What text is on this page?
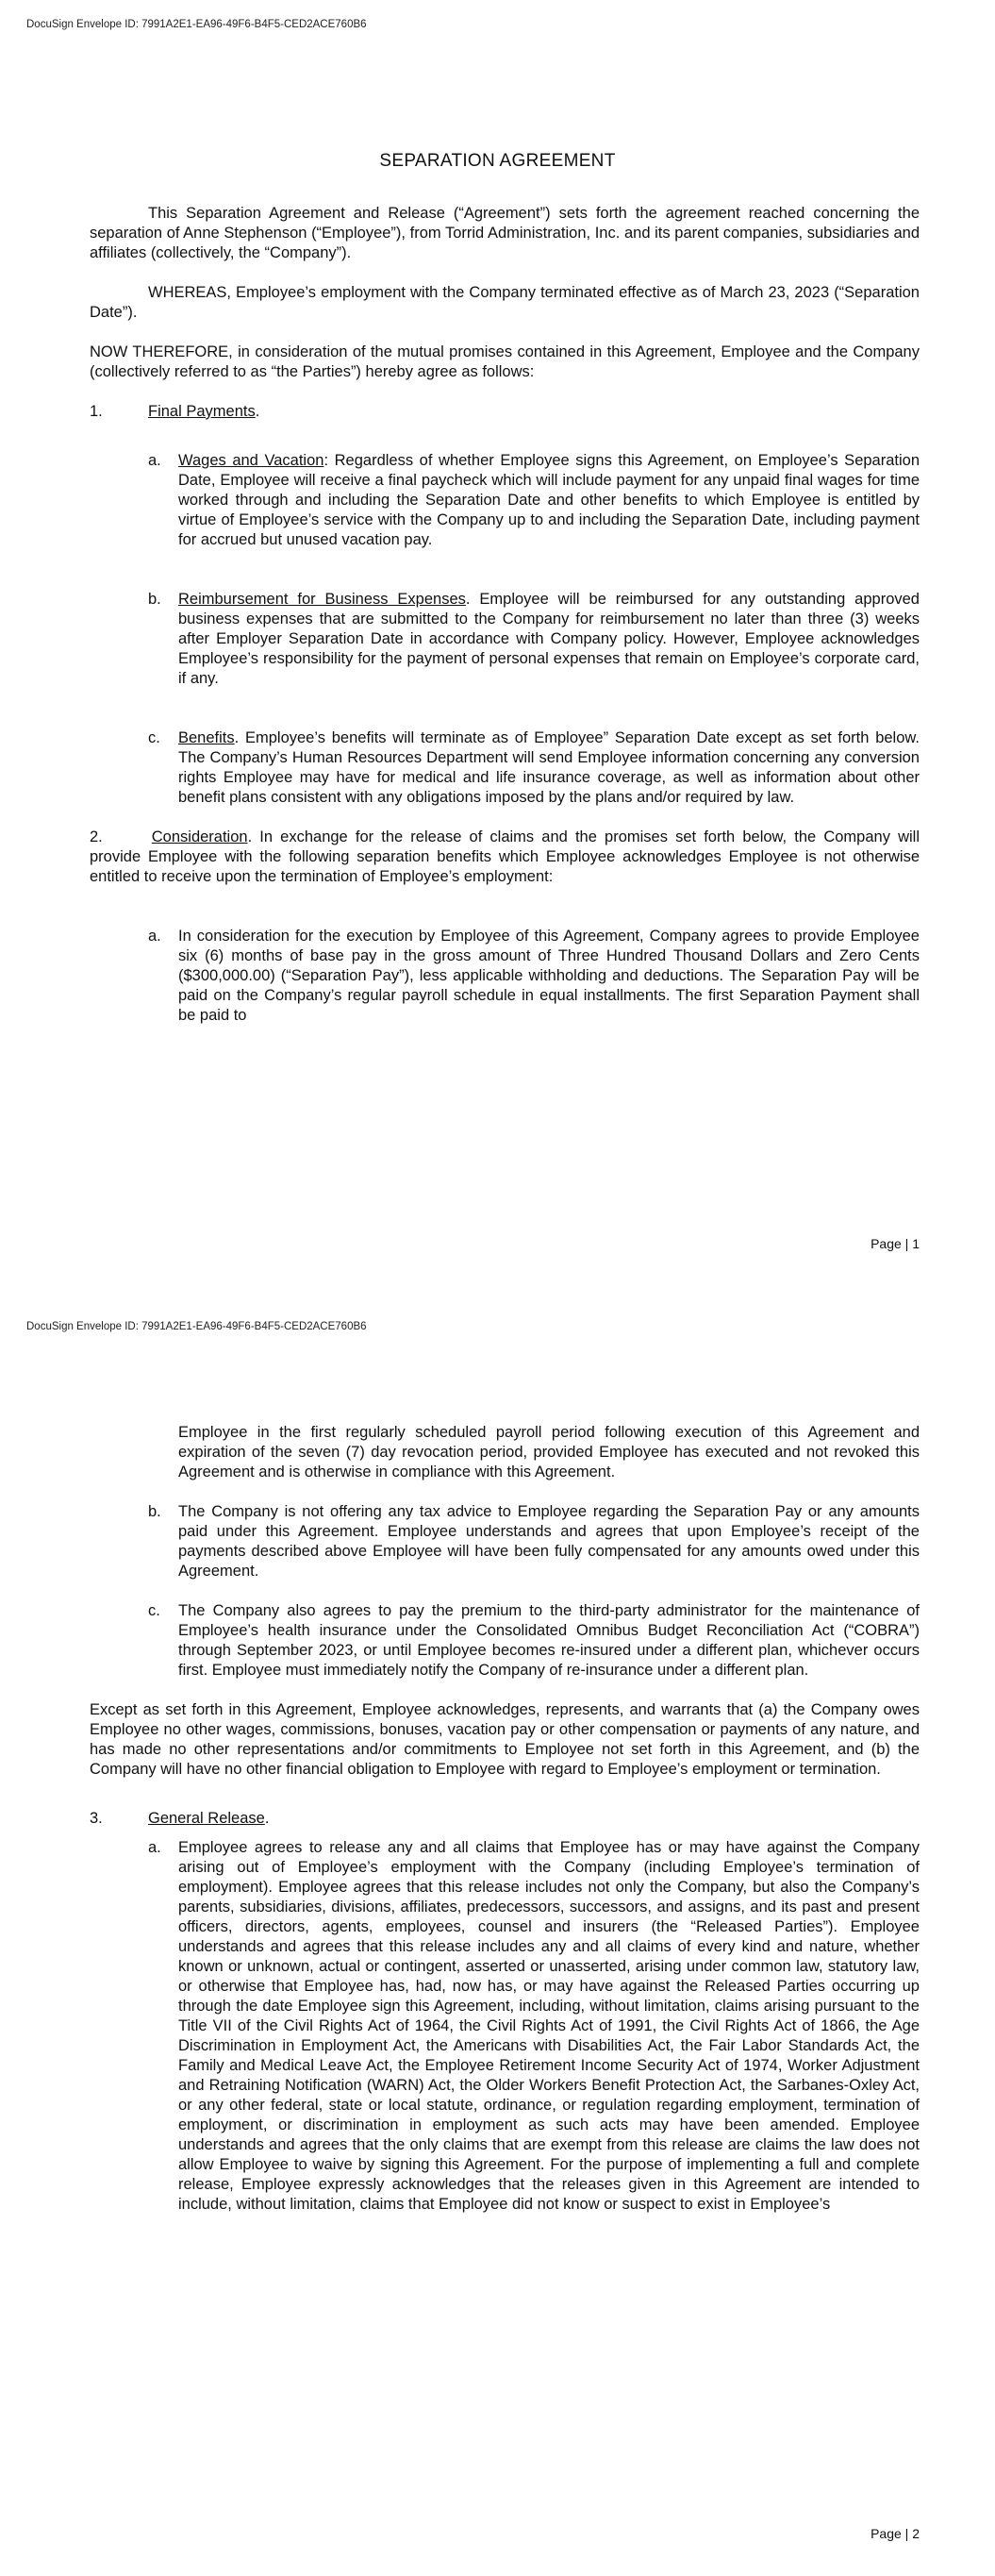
DocuSign Envelope ID: 7991A2E1-EA96-49F6-B4F5-CED2ACE760B6
SEPARATION AGREEMENT

This Separation Agreement and Release (“Agreement”) sets forth the agreement reached concerning the separation of Anne Stephenson (“Employee”), from Torrid Administration, Inc. and its parent companies, subsidiaries and affiliates (collectively, the “Company”).

WHEREAS, Employee’s employment with the Company terminated effective as of March 23, 2023 (“Separation Date”).

NOW THEREFORE, in consideration of the mutual promises contained in this Agreement, Employee and the Company (collectively referred to as “the Parties”) hereby agree as follows:

1.	Final Payments.
a.	Wages and Vacation: Regardless of whether Employee signs this Agreement, on Employee’s Separation Date, Employee will receive a final paycheck which will include payment for any unpaid final wages for time worked through and including the Separation Date and other benefits to which Employee is entitled by virtue of Employee’s service with the Company up to and including the Separation Date, including payment for accrued but unused vacation pay.
b.	Reimbursement for Business Expenses. Employee will be reimbursed for any outstanding approved business expenses that are submitted to the Company for reimbursement no later than three (3) weeks after Employer Separation Date in accordance with Company policy. However, Employee acknowledges Employee’s responsibility for the payment of personal expenses that remain on Employee’s corporate card, if any.
c.	Benefits. Employee’s benefits will terminate as of Employee” Separation Date except as set forth below. The Company’s Human Resources Department will send Employee information concerning any conversion rights Employee may have for medical and life insurance coverage, as well as information about other benefit plans consistent with any obligations imposed by the plans and/or required by law.

2.	Consideration. In exchange for the release of claims and the promises set forth below, the Company will provide Employee with the following separation benefits which Employee acknowledges Employee is not otherwise entitled to receive upon the termination of Employee’s employment:

a.	In consideration for the execution by Employee of this Agreement, Company agrees to provide Employee six (6) months of base pay in the gross amount of Three Hundred Thousand Dollars and Zero Cents ($300,000.00) (“Separation Pay”), less applicable withholding and deductions. The Separation Pay will be paid on the Company’s regular payroll schedule in equal installments. The first Separation Payment shall be paid to
Page | 1
DocuSign Envelope ID: 7991A2E1-EA96-49F6-B4F5-CED2ACE760B6
Employee in the first regularly scheduled payroll period following execution of this Agreement and expiration of the seven (7) day revocation period, provided Employee has executed and not revoked this Agreement and is otherwise in compliance with this Agreement.
b.	The Company is not offering any tax advice to Employee regarding the Separation Pay or any amounts paid under this Agreement. Employee understands and agrees that upon Employee’s receipt of the payments described above Employee will have been fully compensated for any amounts owed under this Agreement.
c.	The Company also agrees to pay the premium to the third-party administrator for the maintenance of Employee’s health insurance under the Consolidated Omnibus Budget Reconciliation Act (“COBRA”) through September 2023, or until Employee becomes re-insured under a different plan, whichever occurs first. Employee must immediately notify the Company of re-insurance under a different plan.

Except as set forth in this Agreement, Employee acknowledges, represents, and warrants that (a) the Company owes Employee no other wages, commissions, bonuses, vacation pay or other compensation or payments of any nature, and has made no other representations and/or commitments to Employee not set forth in this Agreement, and (b) the Company will have no other financial obligation to Employee with regard to Employee’s employment or termination.

3.	General Release.
a.	Employee agrees to release any and all claims that Employee has or may have against the Company arising out of Employee’s employment with the Company (including Employee’s termination of employment). Employee agrees that this release includes not only the Company, but also the Company’s parents, subsidiaries, divisions, affiliates, predecessors, successors, and assigns, and its past and present officers, directors, agents, employees, counsel and insurers (the “Released Parties”). Employee understands and agrees that this release includes any and all claims of every kind and nature, whether known or unknown, actual or contingent, asserted or unasserted, arising under common law, statutory law, or otherwise that Employee has, had, now has, or may have against the Released Parties occurring up through the date Employee sign this Agreement, including, without limitation, claims arising pursuant to the Title VII of the Civil Rights Act of 1964, the Civil Rights Act of 1991, the Civil Rights Act of 1866, the Age Discrimination in Employment Act, the Americans with Disabilities Act, the Fair Labor Standards Act, the Family and Medical Leave Act, the Employee Retirement Income Security Act of 1974, Worker Adjustment and Retraining Notification (WARN) Act, the Older Workers Benefit Protection Act, the Sarbanes-Oxley Act, or any other federal, state or local statute, ordinance, or regulation regarding employment, termination of employment, or discrimination in employment as such acts may have been amended. Employee understands and agrees that the only claims that are exempt from this release are claims the law does not allow Employee to waive by signing this Agreement. For the purpose of implementing a full and complete release, Employee expressly acknowledges that the releases given in this Agreement are intended to include, without limitation, claims that Employee did not know or suspect to exist in Employee’s
Page | 2
